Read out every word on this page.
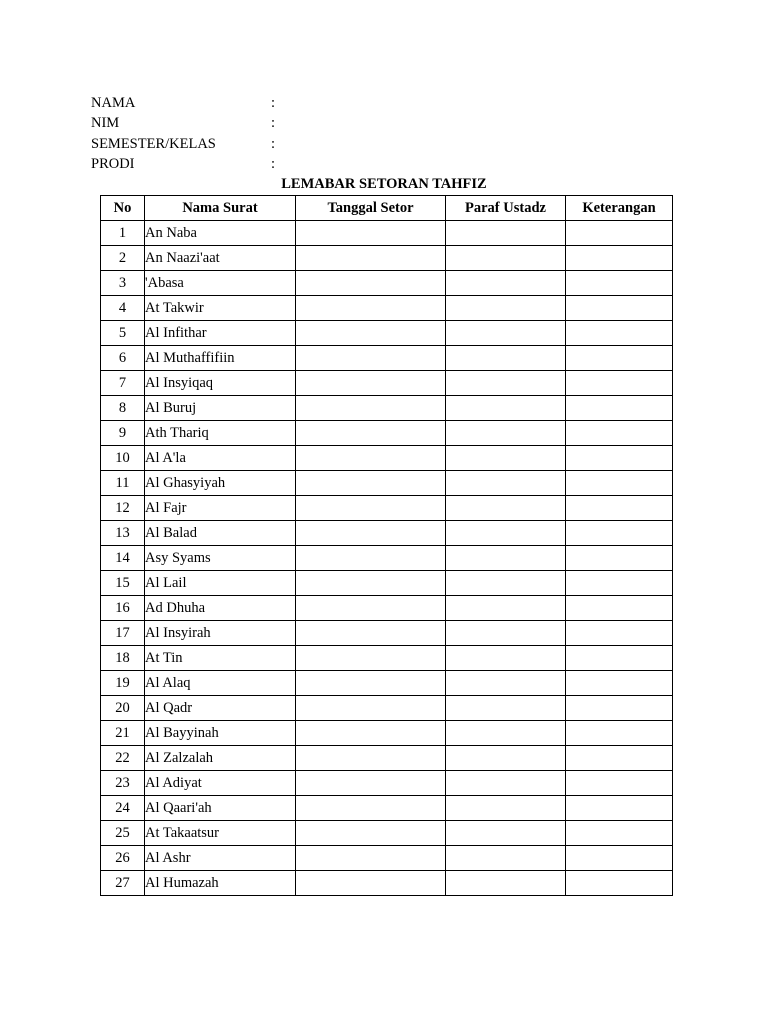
NAMA	:
NIM	:
SEMESTER/KELAS	:
PRODI	:
LEMABAR SETORAN TAHFIZ
No	Nama Surat	Tanggal Setor	Paraf Ustadz	Keterangan
1	An Naba			
2	An Naazi'aat			
3	'Abasa			
4	At Takwir			
5	Al Infithar			
6	Al Muthaffifiin			
7	Al Insyiqaq			
8	Al Buruj			
9	Ath Thariq			
10	Al A'la			
11	Al Ghasyiyah			
12	Al Fajr			
13	Al Balad			
14	Asy Syams			
15	Al Lail			
16	Ad Dhuha			
17	Al Insyirah			
18	At Tin			
19	Al Alaq			
20	Al Qadr			
21	Al Bayyinah			
22	Al Zalzalah			
23	Al Adiyat			
24	Al Qaari'ah			
25	At Takaatsur			
26	Al Ashr			
27	Al Humazah			
